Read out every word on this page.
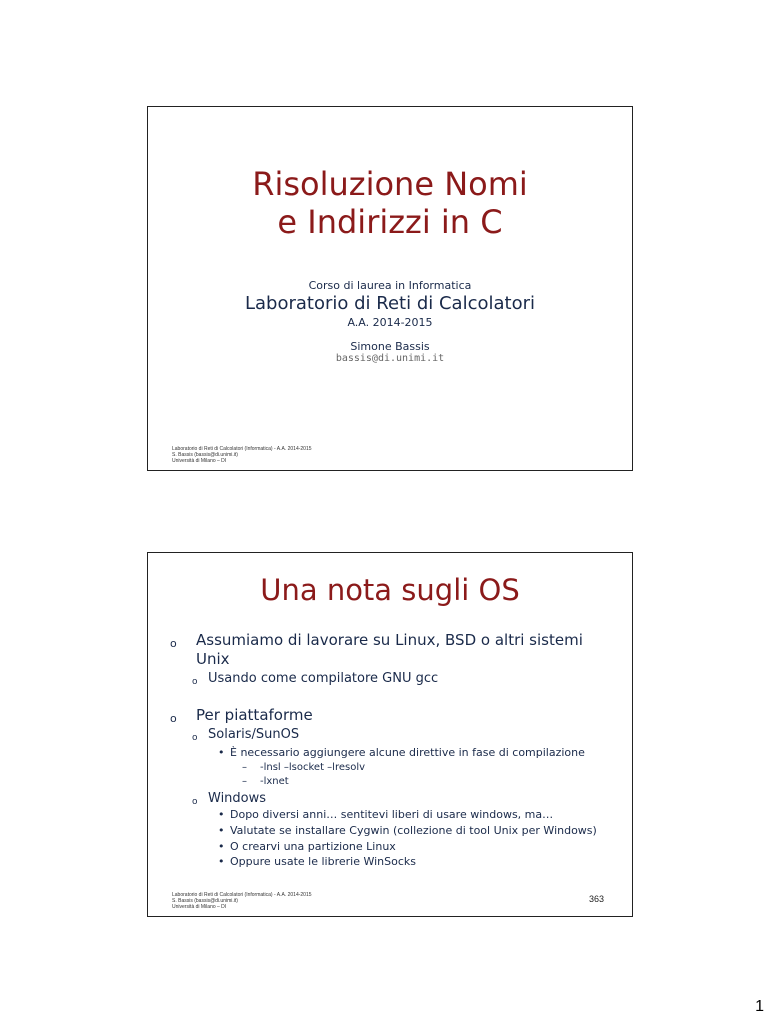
Risoluzione Nomi
e Indirizzi in C
Corso di laurea in Informatica
Laboratorio di Reti di Calcolatori
A.A. 2014-2015
Simone Bassis
bassis@di.unimi.it
Laboratorio di Reti di Calcolatori (Informatica) - A.A. 2014-2015
S. Bassis (bassis@di.unimi.it)
Università di Milano – DI
Una nota sugli OS
o Assumiamo di lavorare su Linux, BSD o altri sistemi Unix
o Usando come compilatore GNU gcc
o Per piattaforme
o Solaris/SunOS
• È necessario aggiungere alcune direttive in fase di compilazione
– -lnsl –lsocket –lresolv
– -lxnet
o Windows
• Dopo diversi anni… sentitevi liberi di usare windows, ma…
• Valutate se installare Cygwin (collezione di tool Unix per Windows)
• O crearvi una partizione Linux
• Oppure usate le librerie WinSocks
Laboratorio di Reti di Calcolatori (Informatica) - A.A. 2014-2015
S. Bassis (bassis@di.unimi.it)
Università di Milano – DI
363
1
